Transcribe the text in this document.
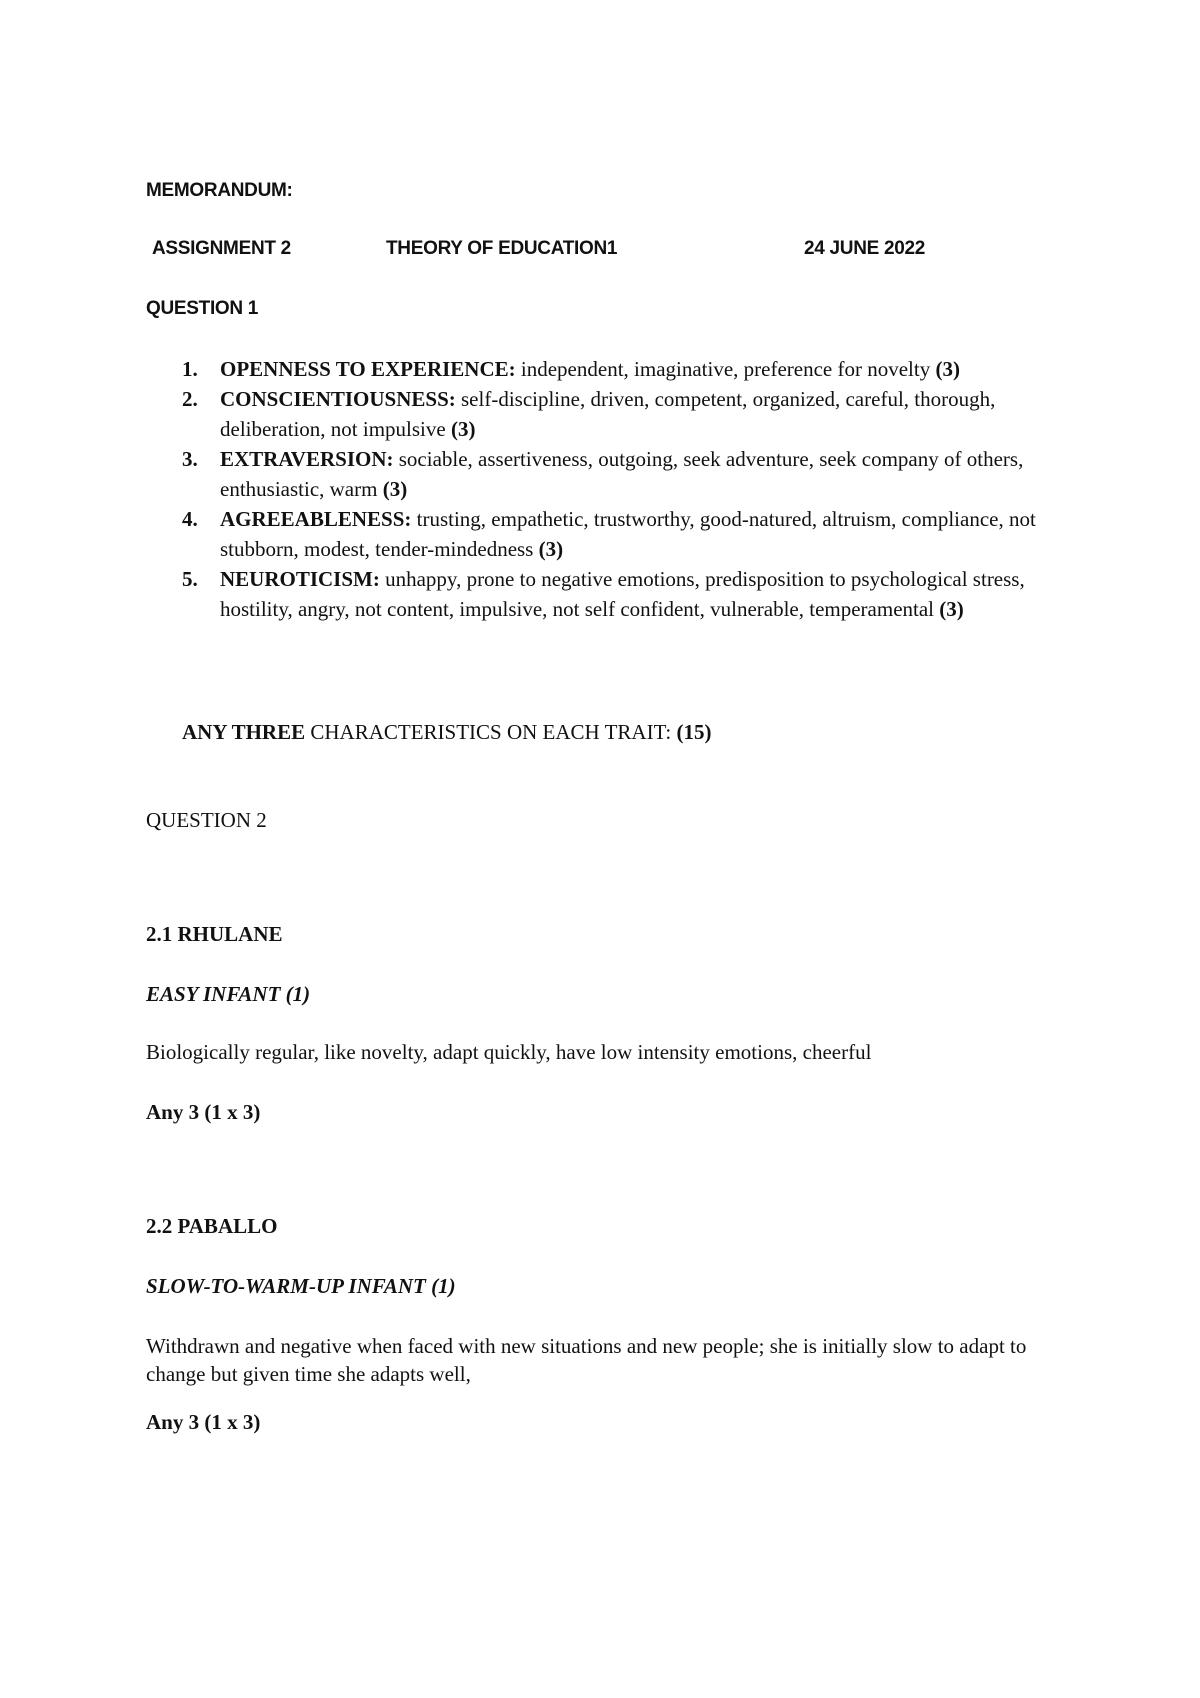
MEMORANDUM:
ASSIGNMENT 2	THEORY OF EDUCATION1	24 JUNE 2022
QUESTION 1
1. OPENNESS TO EXPERIENCE: independent, imaginative, preference for novelty (3)
2. CONSCIENTIOUSNESS: self-discipline, driven, competent, organized, careful, thorough, deliberation, not impulsive (3)
3. EXTRAVERSION: sociable, assertiveness, outgoing, seek adventure, seek company of others, enthusiastic, warm (3)
4. AGREEABLENESS: trusting, empathetic, trustworthy, good-natured, altruism, compliance, not stubborn, modest, tender-mindedness (3)
5. NEUROTICISM: unhappy, prone to negative emotions, predisposition to psychological stress, hostility, angry, not content, impulsive, not self confident, vulnerable, temperamental (3)
ANY THREE CHARACTERISTICS ON EACH TRAIT: (15)
QUESTION 2
2.1 RHULANE
EASY INFANT (1)
Biologically regular, like novelty, adapt quickly, have low intensity emotions, cheerful
Any 3 (1 x 3)
2.2 PABALLO
SLOW-TO-WARM-UP INFANT (1)
Withdrawn and negative when faced with new situations and new people; she is initially slow to adapt to change but given time she adapts well,
Any 3 (1 x 3)
